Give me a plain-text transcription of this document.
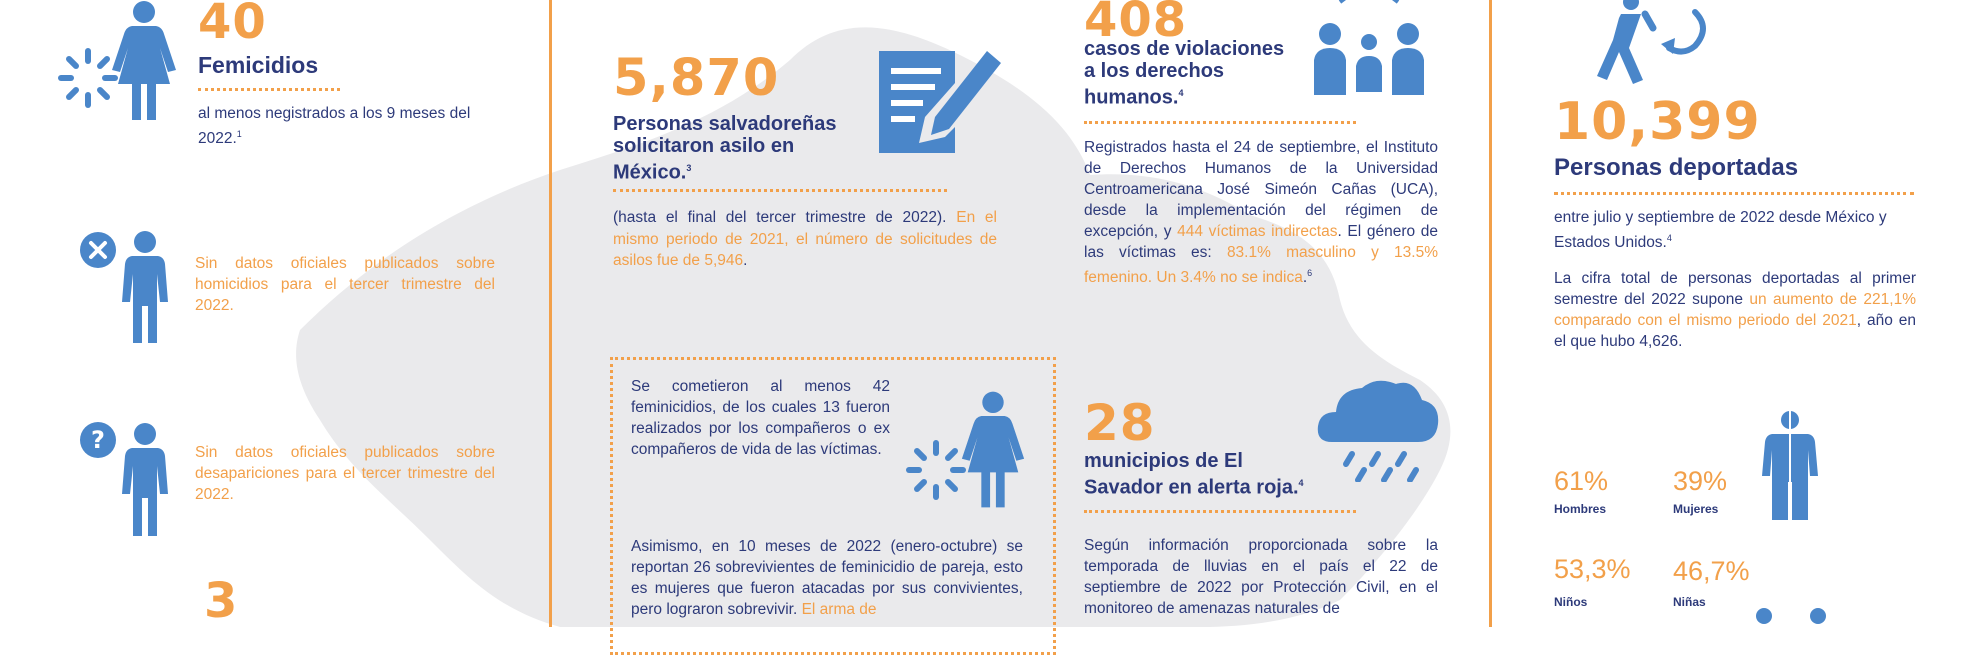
40
Femicidios
al menos negistrados a los 9 meses del 2022.$^1$
Sin datos oficiales publicados sobre homicidios para el tercer trimestre del 2022.
?	Sin datos oficiales publicados sobre desapariciones para el tercer trimestre del 2022.
3
5,870
Personas salvadoreñas solicitaron asilo en México.$^3$
(hasta el final del tercer trimestre de 2022). En el mismo periodo de 2021, el número de solicitudes de asilos fue de 5,946.
Se cometieron al menos 42 feminicidios, de los cuales 13 fueron realizados por los compañeros o ex compañeros de vida de las víctimas.
Asimismo, en 10 meses de 2022 (enero-octubre) se reportan 26 sobrevivientes de feminicidio de pareja, esto es mujeres que fueron atacadas por sus convivientes, pero lograron sobrevivir. El arma de
408
casos de violaciones a los derechos humanos.$^4$
Registrados hasta el 24 de septiembre, el Instituto de Derechos Humanos de la Universidad Centroamericana José Simeón Cañas (UCA), desde la implementación del régimen de excepción, y 444 víctimas indirectas. El género de las víctimas es: 83.1% masculino y 13.5% femenino. Un 3.4% no se indica.$^6$
28
municipios de El Savador en alerta roja.$^4$
Según información proporcionada sobre la temporada de lluvias en el país el 22 de septiembre de 2022 por Protección Civil, en el monitoreo de amenazas naturales de
10,399
Personas deportadas
entre julio y septiembre de 2022 desde México y Estados Unidos.$^4$
La cifra total de personas deportadas al primer semestre del 2022 supone un aumento de 221,1% comparado con el mismo periodo del 2021, año en el que hubo 4,626.
61%
Hombres
39%
Mujeres
53,3%
Niños
46,7%
Niñas
